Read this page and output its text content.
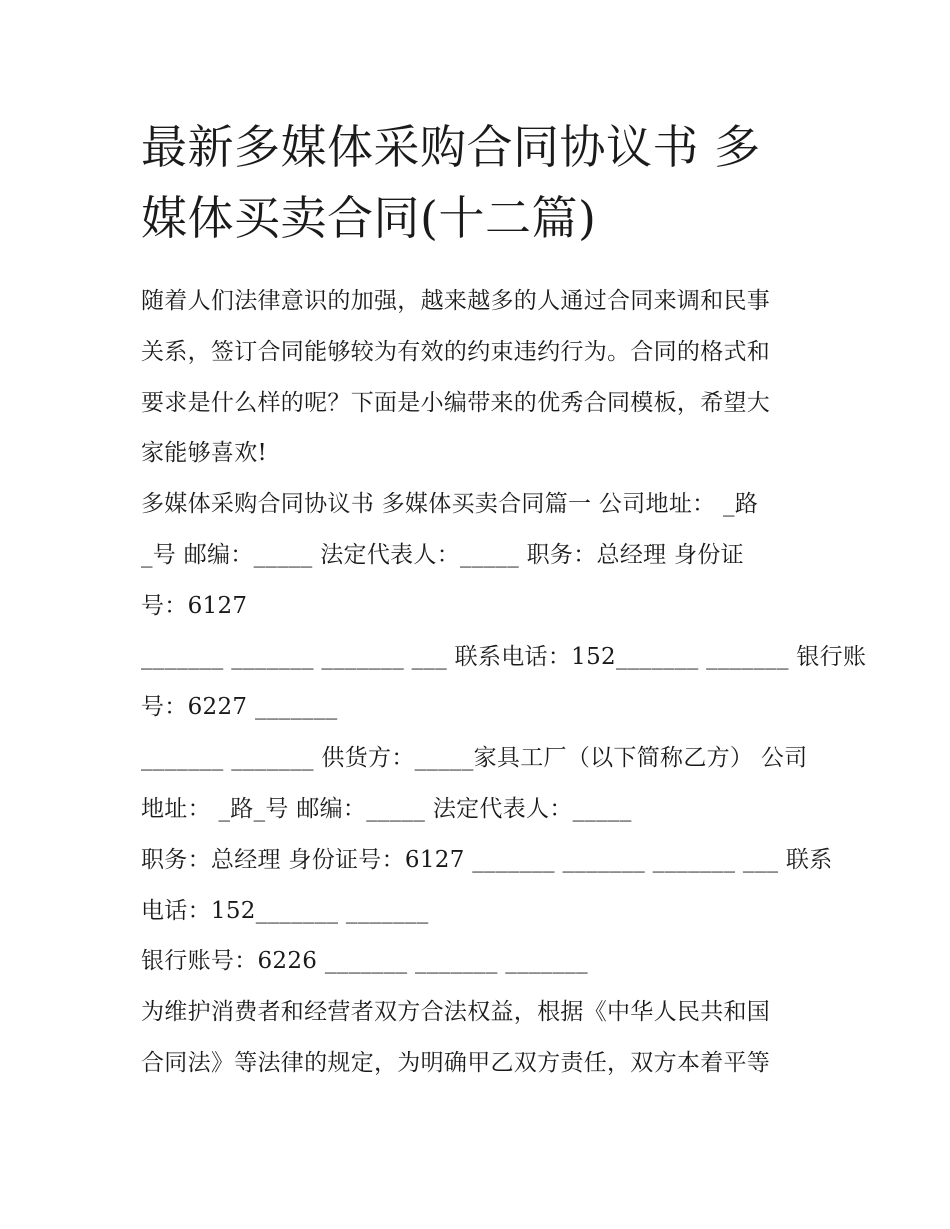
最新多媒体采购合同协议书 多
媒体买卖合同(十二篇)
随着人们法律意识的加强，越来越多的人通过合同来调和民事
关系，签订合同能够较为有效的约束违约行为。合同的格式和
要求是什么样的呢？下面是小编带来的优秀合同模板，希望大
家能够喜欢!
多媒体采购合同协议书 多媒体买卖合同篇一 公司地址： _路
_号 邮编：_____ 法定代表人：_____ 职务：总经理 身份证
号：6127
_______ _______ _______ ___ 联系电话：152_______ _______ 银行账
号：6227 _______
_______ _______ 供货方：_____家具工厂（以下简称乙方） 公司
地址： _路_号 邮编：_____ 法定代表人：_____
职务：总经理 身份证号：6127 _______ _______ _______ ___ 联系
电话：152_______ _______
银行账号：6226 _______ _______ _______
为维护消费者和经营者双方合法权益，根据《中华人民共和国
合同法》等法律的规定，为明确甲乙双方责任，双方本着平等
